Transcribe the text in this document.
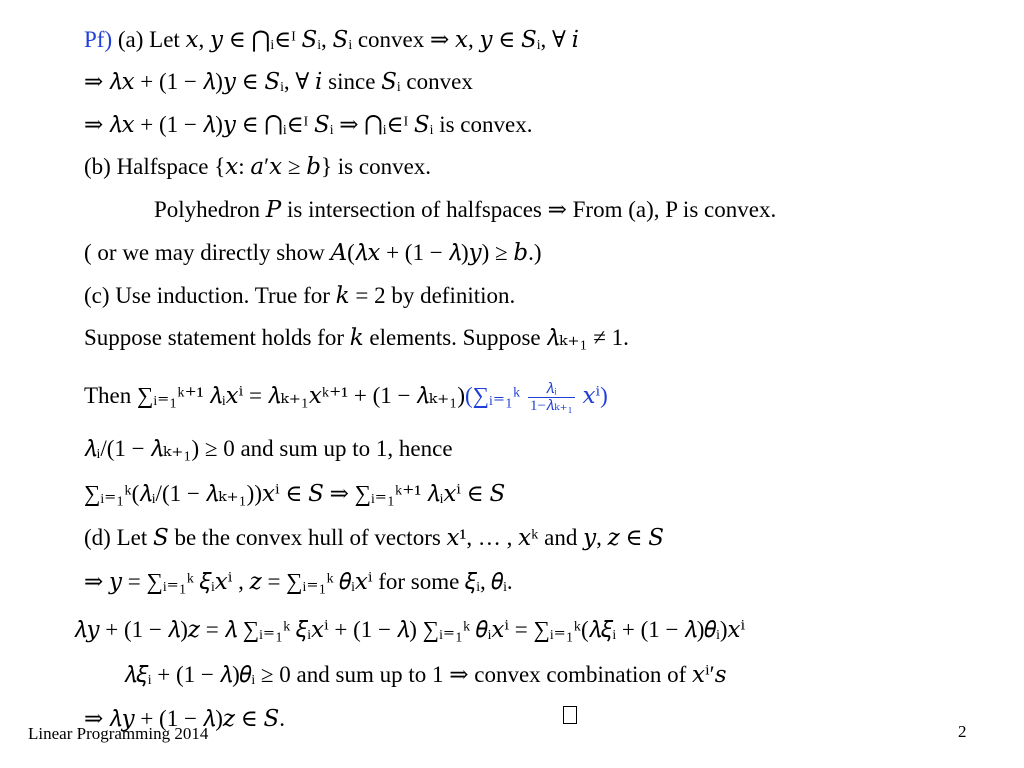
Pf) (a) Let 𝑥, 𝑦 ∈ ⋂ᵢ∈ᴵ 𝑆ᵢ, 𝑆ᵢ convex ⇒ 𝑥, 𝑦 ∈ 𝑆ᵢ, ∀ 𝑖
⇒ 𝜆𝑥 + (1 − 𝜆)𝑦 ∈ 𝑆ᵢ, ∀ 𝑖 since 𝑆ᵢ convex
⇒ 𝜆𝑥 + (1 − 𝜆)𝑦 ∈ ⋂ᵢ∈ᴵ 𝑆ᵢ ⇒ ⋂ᵢ∈ᴵ 𝑆ᵢ is convex.
(b) Halfspace {𝑥: 𝑎′𝑥 ≥ 𝑏} is convex.
Polyhedron 𝑃 is intersection of halfspaces ⇒ From (a), P is convex.
( or we may directly show 𝐴(𝜆𝑥 + (1 − 𝜆)𝑦) ≥ 𝑏.)
(c) Use induction. True for 𝑘 = 2 by definition.
Suppose statement holds for 𝑘 elements. Suppose 𝜆ₖ₊₁ ≠ 1.
Then ∑ᵢ₌₁ᵏ⁺¹ 𝜆ᵢ𝑥ⁱ = 𝜆ₖ₊₁𝑥ᵏ⁺¹ + (1 − 𝜆ₖ₊₁)(∑ᵢ₌₁ᵏ $\frac{\text{𝜆ᵢ}}{\text{1−𝜆ₖ₊₁}}$ 𝑥ⁱ)
𝜆ᵢ/(1 − 𝜆ₖ₊₁) ≥ 0 and sum up to 1, hence
∑ᵢ₌₁ᵏ(𝜆ᵢ/(1 − 𝜆ₖ₊₁))𝑥ⁱ ∈ 𝑆 ⇒ ∑ᵢ₌₁ᵏ⁺¹ 𝜆ᵢ𝑥ⁱ ∈ 𝑆
(d) Let 𝑆 be the convex hull of vectors 𝑥¹, … , 𝑥ᵏ and 𝑦, 𝑧 ∈ 𝑆
⇒ 𝑦 = ∑ᵢ₌₁ᵏ 𝜉ᵢ𝑥ⁱ , 𝑧 = ∑ᵢ₌₁ᵏ 𝜃ᵢ𝑥ⁱ for some 𝜉ᵢ, 𝜃ᵢ.
𝜆𝑦 + (1 − 𝜆)𝑧 = 𝜆 ∑ᵢ₌₁ᵏ 𝜉ᵢ𝑥ⁱ + (1 − 𝜆) ∑ᵢ₌₁ᵏ 𝜃ᵢ𝑥ⁱ = ∑ᵢ₌₁ᵏ(𝜆𝜉ᵢ + (1 − 𝜆)𝜃ᵢ)𝑥ⁱ
𝜆𝜉ᵢ + (1 − 𝜆)𝜃ᵢ ≥ 0 and sum up to 1 ⇒ convex combination of 𝑥ⁱ′𝑠
⇒ 𝜆𝑦 + (1 − 𝜆)𝑧 ∈ 𝑆.
Linear Programming 2014	2
